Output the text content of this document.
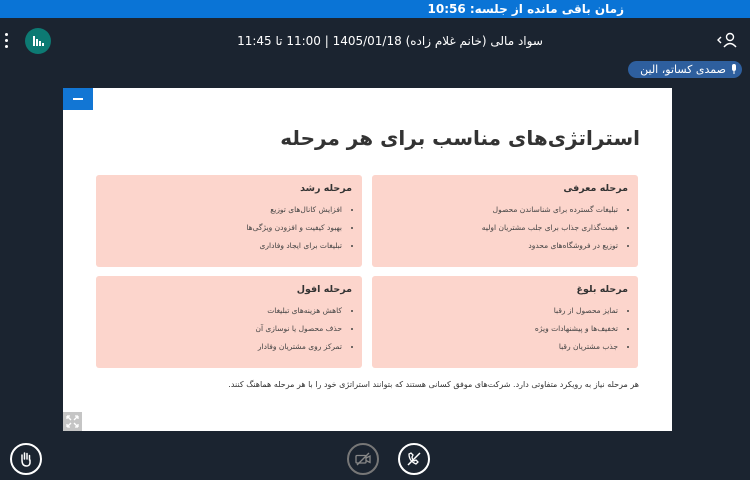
زمان باقی مانده از جلسه: 10:56
سواد مالی (خانم غلام زاده) 1405/01/18 | 11:00 تا 11:45
صمدی کساتو، الین
استراتژی‌های مناسب برای هر مرحله
مرحله معرفی
• تبلیغات گسترده برای شناساندن محصول
• قیمت‌گذاری جذاب برای جلب مشتریان اولیه
• توزیع در فروشگاه‌های محدود
مرحله رشد
• افزایش کانال‌های توزیع
• بهبود کیفیت و افزودن ویژگی‌ها
• تبلیغات برای ایجاد وفاداری
مرحله بلوغ
• تمایز محصول از رقبا
• تخفیف‌ها و پیشنهادات ویژه
• جذب مشتریان رقبا
مرحله افول
• کاهش هزینه‌های تبلیغات
• حذف محصول یا نوسازی آن
• تمرکز روی مشتریان وفادار
هر مرحله نیاز به رویکرد متفاوتی دارد. شرکت‌های موفق کسانی هستند که بتوانند استراتژی خود را با هر مرحله هماهنگ کنند.
